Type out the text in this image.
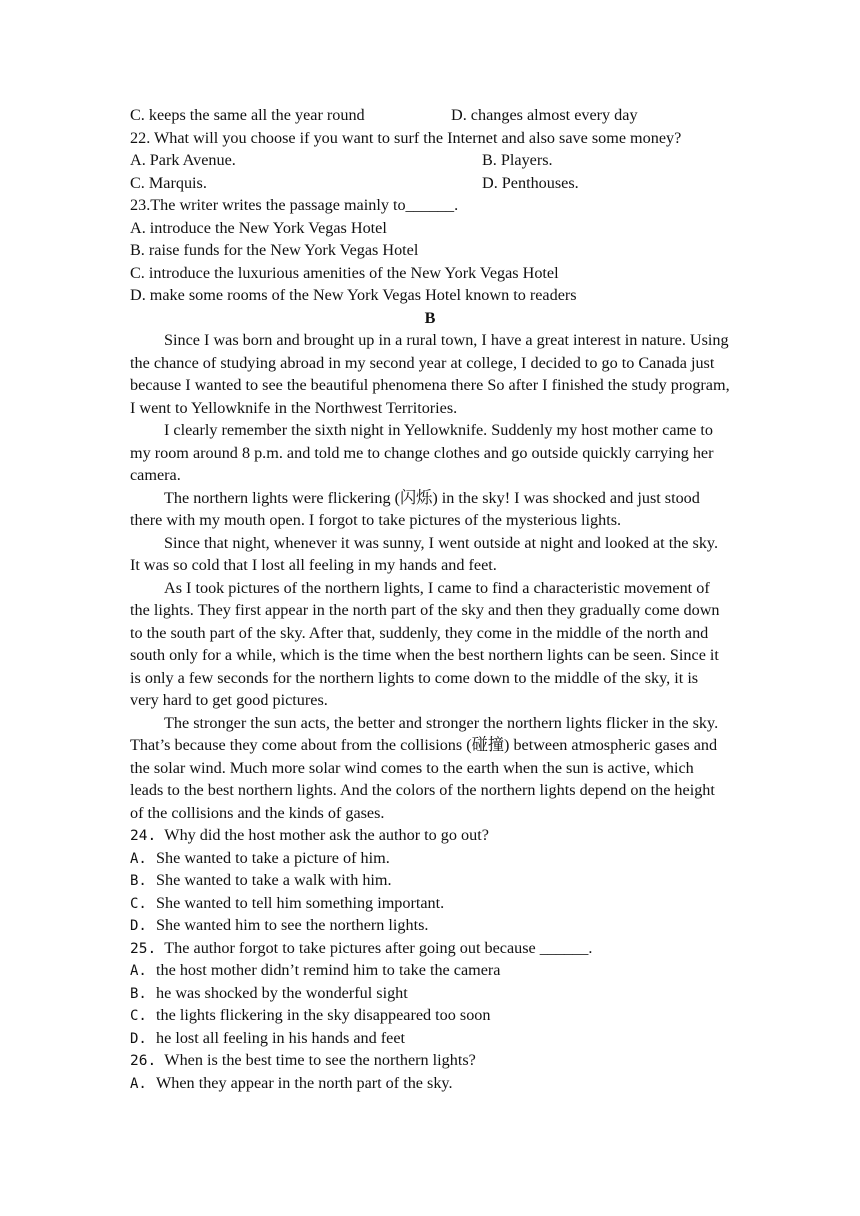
C. keeps the same all the year round	D. changes almost every day
22. What will you choose if you want to surf the Internet and also save some money?
A. Park Avenue.	B. Players.
C. Marquis.	D. Penthouses.
23.The writer writes the passage mainly to______.
A. introduce the New York Vegas Hotel
B. raise funds for the New York Vegas Hotel
C. introduce the luxurious amenities of the New York Vegas Hotel
D. make some rooms of the New York Vegas Hotel known to readers
B
Since I was born and brought up in a rural town, I have a great interest in nature. Using the chance of studying abroad in my second year at college, I decided to go to Canada just because I wanted to see the beautiful phenomena there So after I finished the study program, I went to Yellowknife in the Northwest Territories.
I clearly remember the sixth night in Yellowknife. Suddenly my host mother came to my room around 8 p.m. and told me to change clothes and go outside quickly carrying her camera.
The northern lights were flickering (闪烁) in the sky! I was shocked and just stood there with my mouth open. I forgot to take pictures of the mysterious lights.
Since that night, whenever it was sunny, I went outside at night and looked at the sky. It was so cold that I lost all feeling in my hands and feet.
As I took pictures of the northern lights, I came to find a characteristic movement of the lights. They first appear in the north part of the sky and then they gradually come down to the south part of the sky. After that, suddenly, they come in the middle of the north and south only for a while, which is the time when the best northern lights can be seen. Since it is only a few seconds for the northern lights to come down to the middle of the sky, it is very hard to get good pictures.
The stronger the sun acts, the better and stronger the northern lights flicker in the sky. That’s because they come about from the collisions (碰撞) between atmospheric gases and the solar wind. Much more solar wind comes to the earth when the sun is active, which leads to the best northern lights. And the colors of the northern lights depend on the height of the collisions and the kinds of gases.
24. Why did the host mother ask the author to go out?
A. She wanted to take a picture of him.
B. She wanted to take a walk with him.
C. She wanted to tell him something important.
D. She wanted him to see the northern lights.
25. The author forgot to take pictures after going out because ______.
A. the host mother didn’t remind him to take the camera
B. he was shocked by the wonderful sight
C. the lights flickering in the sky disappeared too soon
D. he lost all feeling in his hands and feet
26. When is the best time to see the northern lights?
A. When they appear in the north part of the sky.
